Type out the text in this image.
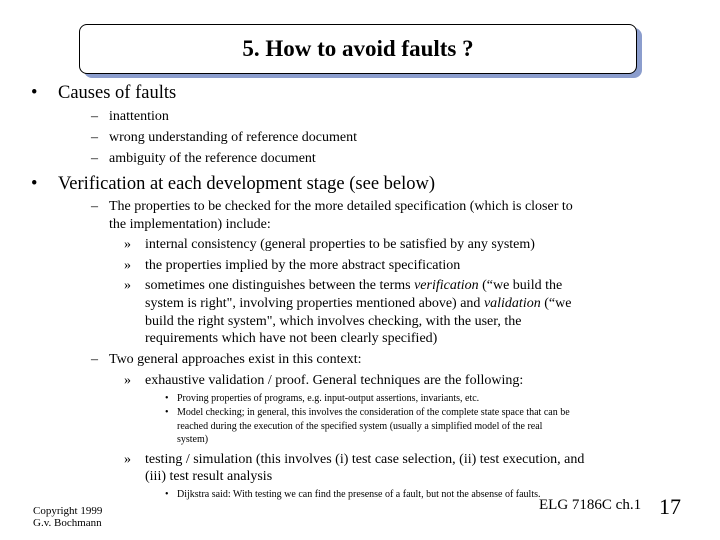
5. How to avoid faults ?
• Causes of faults
– inattention
– wrong understanding of reference document
– ambiguity of the reference document
• Verification at each development stage (see below)
– The properties to be checked for the more detailed specification (which is closer to
the implementation) include:
» internal consistency (general properties to be satisfied by any system)
» the properties implied by the more abstract specification
» sometimes one distinguishes between the terms verification (“we build the
system is right", involving properties mentioned above) and validation (“we
build the right system", which involves checking, with the user, the
requirements which have not been clearly specified)
– Two general approaches exist in this context:
» exhaustive validation / proof. General techniques are the following:
• Proving properties of programs, e.g. input-output assertions, invariants, etc.
• Model checking; in general, this involves the consideration of the complete state space that can be
reached during the execution of the specified system (usually a simplified model of the real
system)
» testing / simulation (this involves (i) test case selection, (ii) test execution, and
(iii) test result analysis
• Dijkstra said: With testing we can find the presense of a fault, but not the absense of faults.
Copyright 1999
G.v. Bochmann
ELG 7186C ch.1 17
